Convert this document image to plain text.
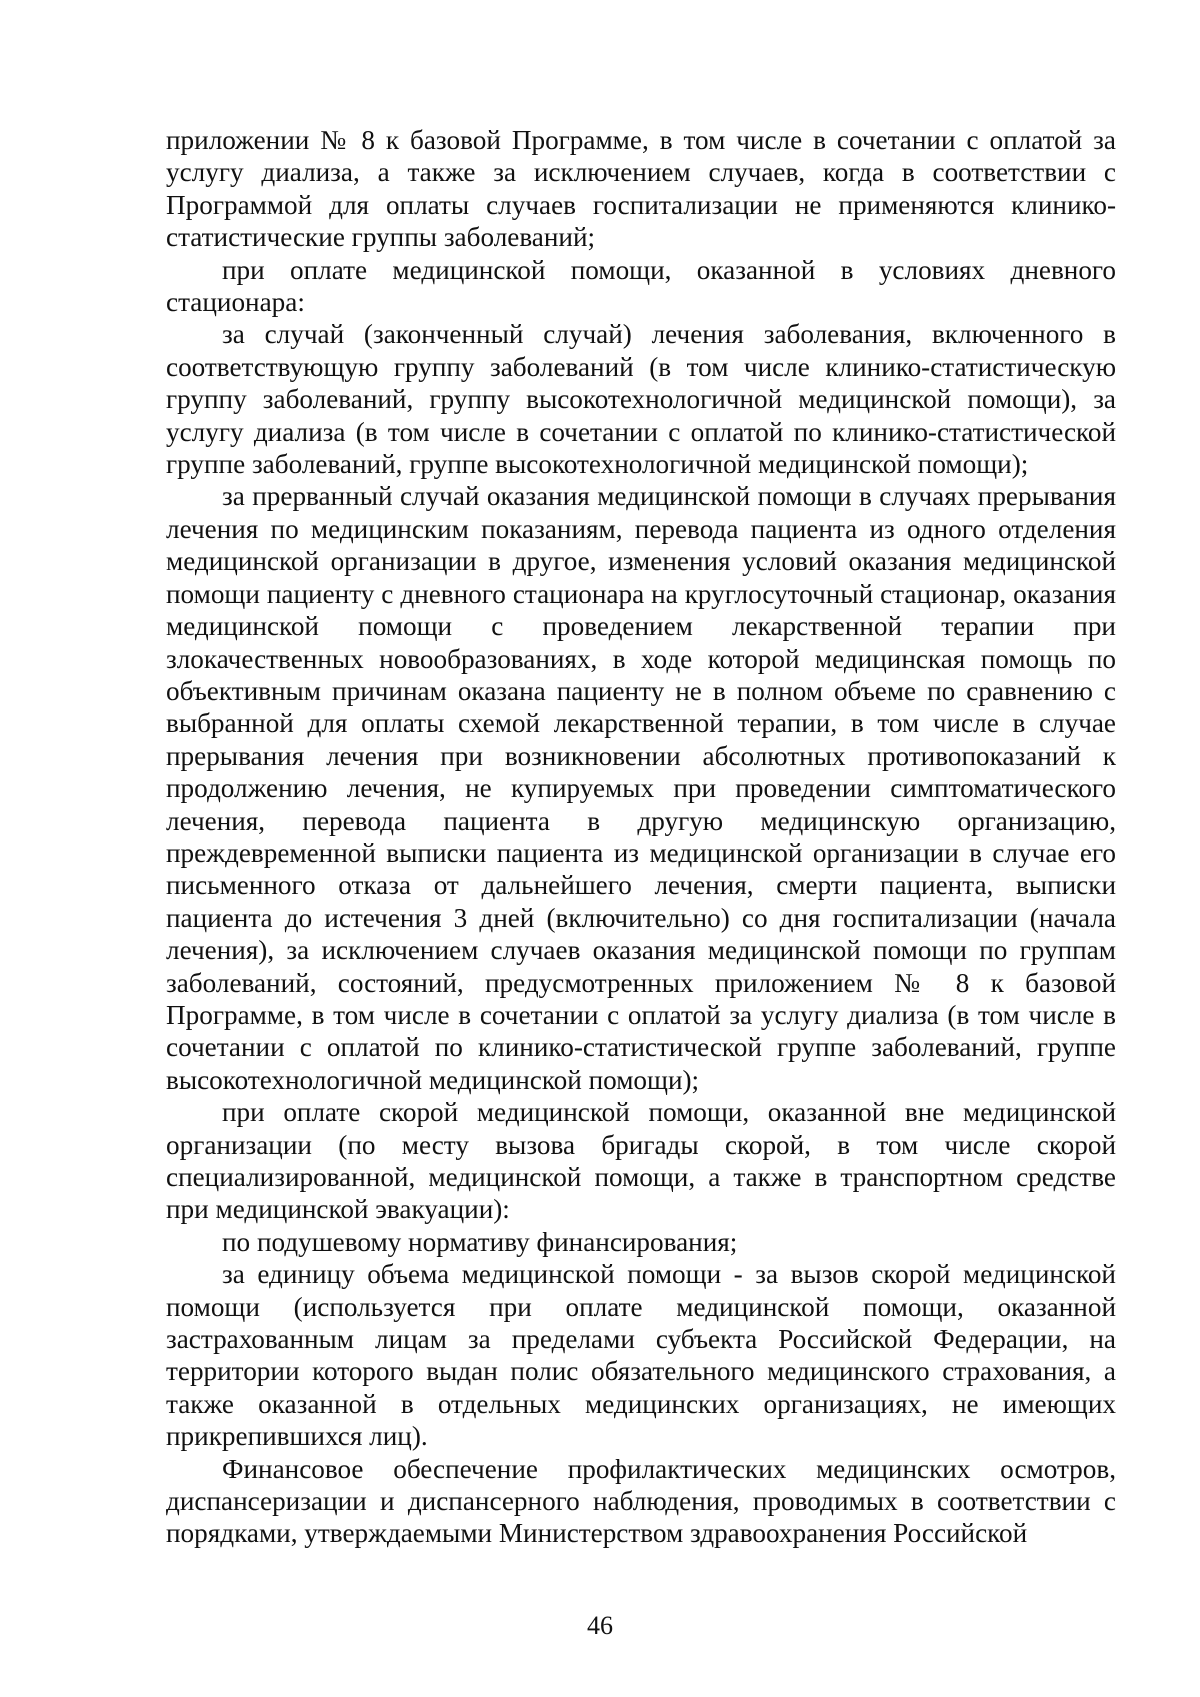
приложении № 8 к базовой Программе, в том числе в сочетании с оплатой за услугу диализа, а также за исключением случаев, когда в соответствии с Программой для оплаты случаев госпитализации не применяются клинико-статистические группы заболеваний;

при оплате медицинской помощи, оказанной в условиях дневного стационара:

за случай (законченный случай) лечения заболевания, включенного в соответствующую группу заболеваний (в том числе клинико-статистическую группу заболеваний, группу высокотехнологичной медицинской помощи), за услугу диализа (в том числе в сочетании с оплатой по клинико-статистической группе заболеваний, группе высокотехнологичной медицинской помощи);

за прерванный случай оказания медицинской помощи в случаях прерывания лечения по медицинским показаниям, перевода пациента из одного отделения медицинской организации в другое, изменения условий оказания медицинской помощи пациенту с дневного стационара на круглосуточный стационар, оказания медицинской помощи с проведением лекарственной терапии при злокачественных новообразованиях, в ходе которой медицинская помощь по объективным причинам оказана пациенту не в полном объеме по сравнению с выбранной для оплаты схемой лекарственной терапии, в том числе в случае прерывания лечения при возникновении абсолютных противопоказаний к продолжению лечения, не купируемых при проведении симптоматического лечения, перевода пациента в другую медицинскую организацию, преждевременной выписки пациента из медицинской организации в случае его письменного отказа от дальнейшего лечения, смерти пациента, выписки пациента до истечения 3 дней (включительно) со дня госпитализации (начала лечения), за исключением случаев оказания медицинской помощи по группам заболеваний, состояний, предусмотренных приложением № 8 к базовой Программе, в том числе в сочетании с оплатой за услугу диализа (в том числе в сочетании с оплатой по клинико-статистической группе заболеваний, группе высокотехнологичной медицинской помощи);

при оплате скорой медицинской помощи, оказанной вне медицинской организации (по месту вызова бригады скорой, в том числе скорой специализированной, медицинской помощи, а также в транспортном средстве при медицинской эвакуации):

по подушевому нормативу финансирования;

за единицу объема медицинской помощи - за вызов скорой медицинской помощи (используется при оплате медицинской помощи, оказанной застрахованным лицам за пределами субъекта Российской Федерации, на территории которого выдан полис обязательного медицинского страхования, а также оказанной в отдельных медицинских организациях, не имеющих прикрепившихся лиц).

Финансовое обеспечение профилактических медицинских осмотров, диспансеризации и диспансерного наблюдения, проводимых в соответствии с порядками, утверждаемыми Министерством здравоохранения Российской

46
